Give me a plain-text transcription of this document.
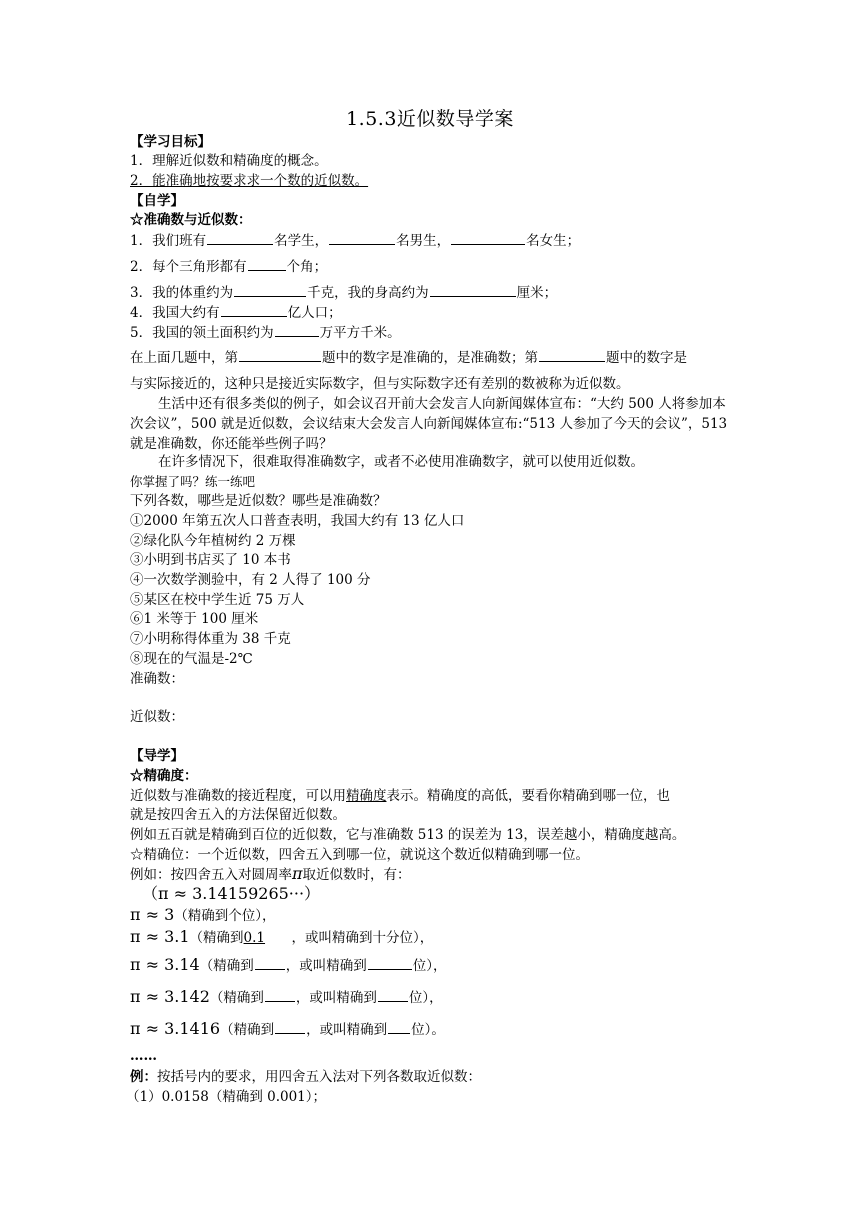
1.5.3近似数导学案
【学习目标】
1．理解近似数和精确度的概念。
2．能准确地按要求求一个数的近似数。
【自学】
☆准确数与近似数：
1．我们班有	名学生，	名男生，	名女生；
2．每个三角形都有	个角；
3．我的体重约为	千克，我的身高约为	厘米；
4．我国大约有	亿人口；
5．我国的领土面积约为	万平方千米。
在上面几题中，第	题中的数字是准确的，是准确数；第	题中的数字是
与实际接近的，这种只是接近实际数字，但与实际数字还有差别的数被称为近似数。
生活中还有很多类似的例子，如会议召开前大会发言人向新闻媒体宣布：“大约 500 人将参加本次会议”，500 就是近似数，会议结束大会发言人向新闻媒体宣布:“513 人参加了今天的会议”，513 就是准确数，你还能举些例子吗？
在许多情况下，很难取得准确数字，或者不必使用准确数字，就可以使用近似数。
你掌握了吗？练一练吧
下列各数，哪些是近似数？哪些是准确数？
①2000 年第五次人口普查表明，我国大约有 13 亿人口
②绿化队今年植树约 2 万棵
③小明到书店买了 10 本书
④一次数学测验中，有 2 人得了 100 分
⑤某区在校中学生近 75 万人
⑥1 米等于 100 厘米
⑦小明称得体重为 38 千克
⑧现在的气温是-2℃
准确数：
近似数：
【导学】
☆精确度：
近似数与准确数的接近程度，可以用精确度表示。精确度的高低，要看你精确到哪一位，也
就是按四舍五入的方法保留近似数。
例如五百就是精确到百位的近似数，它与准确数 513 的误差为 13，误差越小，精确度越高。
☆精确位：一个近似数，四舍五入到哪一位，就说这个数近似精确到哪一位。
例如：按四舍五入对圆周率π取近似数时，有：
（π ≈ 3.14159265···）
π ≈ 3（精确到个位），
π ≈ 3.1（精确到0.1 ，或叫精确到十分位），
π ≈ 3.14（精确到 ，或叫精确到	位），
π ≈ 3.142（精确到 ，或叫精确到 位），
π ≈ 3.1416（精确到 ，或叫精确到 位）。
……
例：按括号内的要求，用四舍五入法对下列各数取近似数：
（1）0.0158（精确到 0.001）；
